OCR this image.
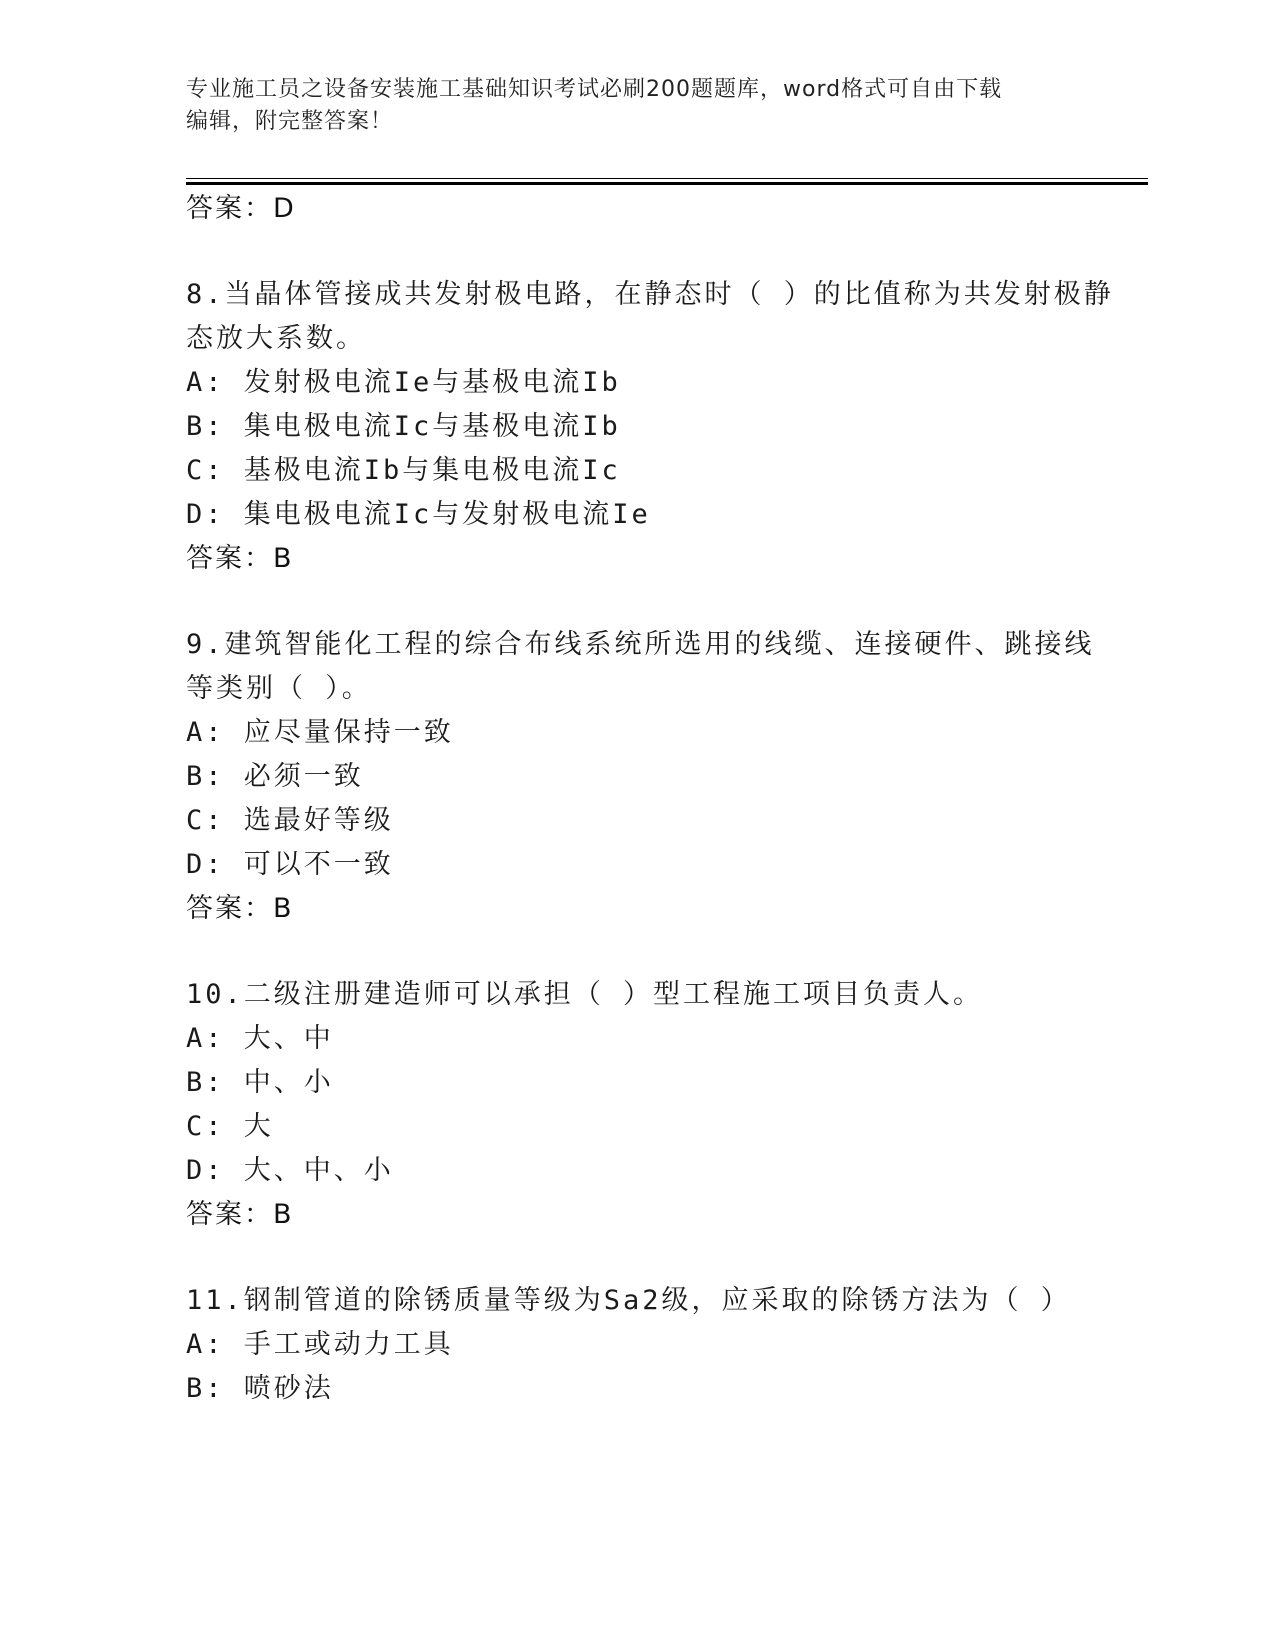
专业施工员之设备安装施工基础知识考试必刷200题题库，word格式可自由下载
编辑，附完整答案！
答案：D
8.当晶体管接成共发射极电路，在静态时（ ）的比值称为共发射极静
态放大系数。
A: 发射极电流Ie与基极电流Ib
B: 集电极电流Ic与基极电流Ib
C: 基极电流Ib与集电极电流Ic
D: 集电极电流Ic与发射极电流Ie
答案：B
9.建筑智能化工程的综合布线系统所选用的线缆、连接硬件、跳接线
等类别（ ）。
A: 应尽量保持一致
B: 必须一致
C: 选最好等级
D: 可以不一致
答案：B
10.二级注册建造师可以承担（ ）型工程施工项目负责人。
A: 大、中
B: 中、小
C: 大
D: 大、中、小
答案：B
11.钢制管道的除锈质量等级为Sa2级，应采取的除锈方法为（ ）
A: 手工或动力工具
B: 喷砂法
